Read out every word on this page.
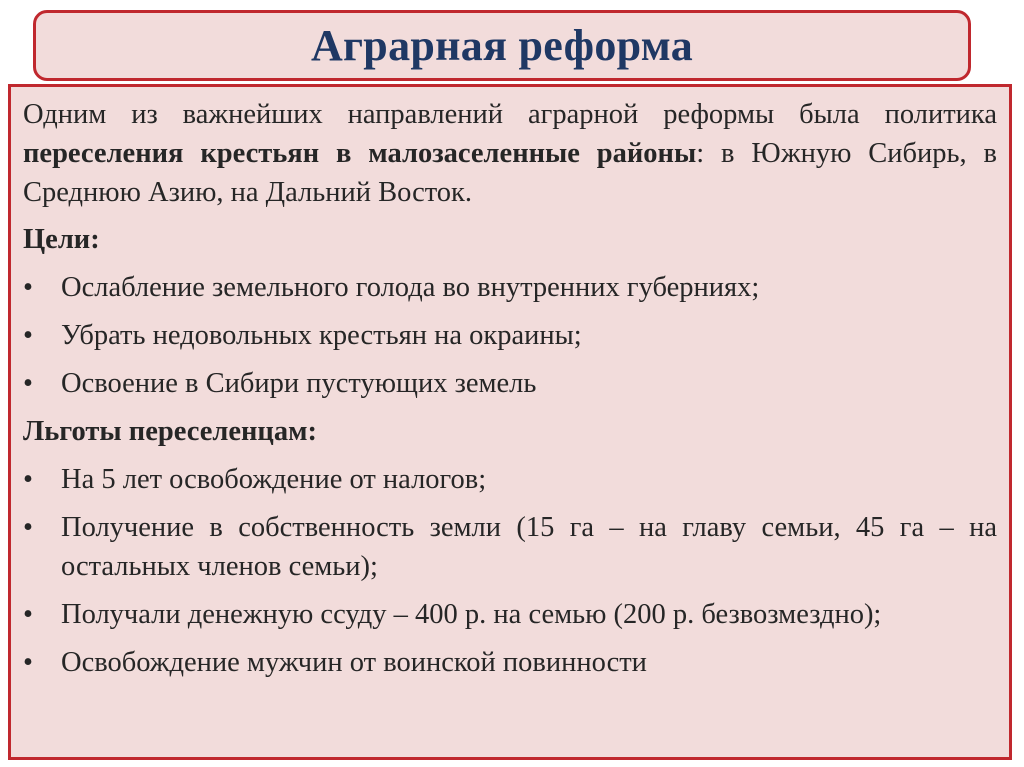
Аграрная реформа

Одним из важнейших направлений аграрной реформы была политика переселения крестьян в малозаселенные районы: в Южную Сибирь, в Среднюю Азию, на Дальний Восток.

Цели:
• Ослабление земельного голода во внутренних губерниях;
• Убрать недовольных крестьян на окраины;
• Освоение в Сибири пустующих земель
Льготы переселенцам:
• На 5 лет освобождение от налогов;
• Получение в собственность земли (15 га – на главу семьи, 45 га – на остальных членов семьи);
• Получали денежную ссуду – 400 р. на семью (200 р. безвозмездно);
• Освобождение мужчин от воинской повинности
